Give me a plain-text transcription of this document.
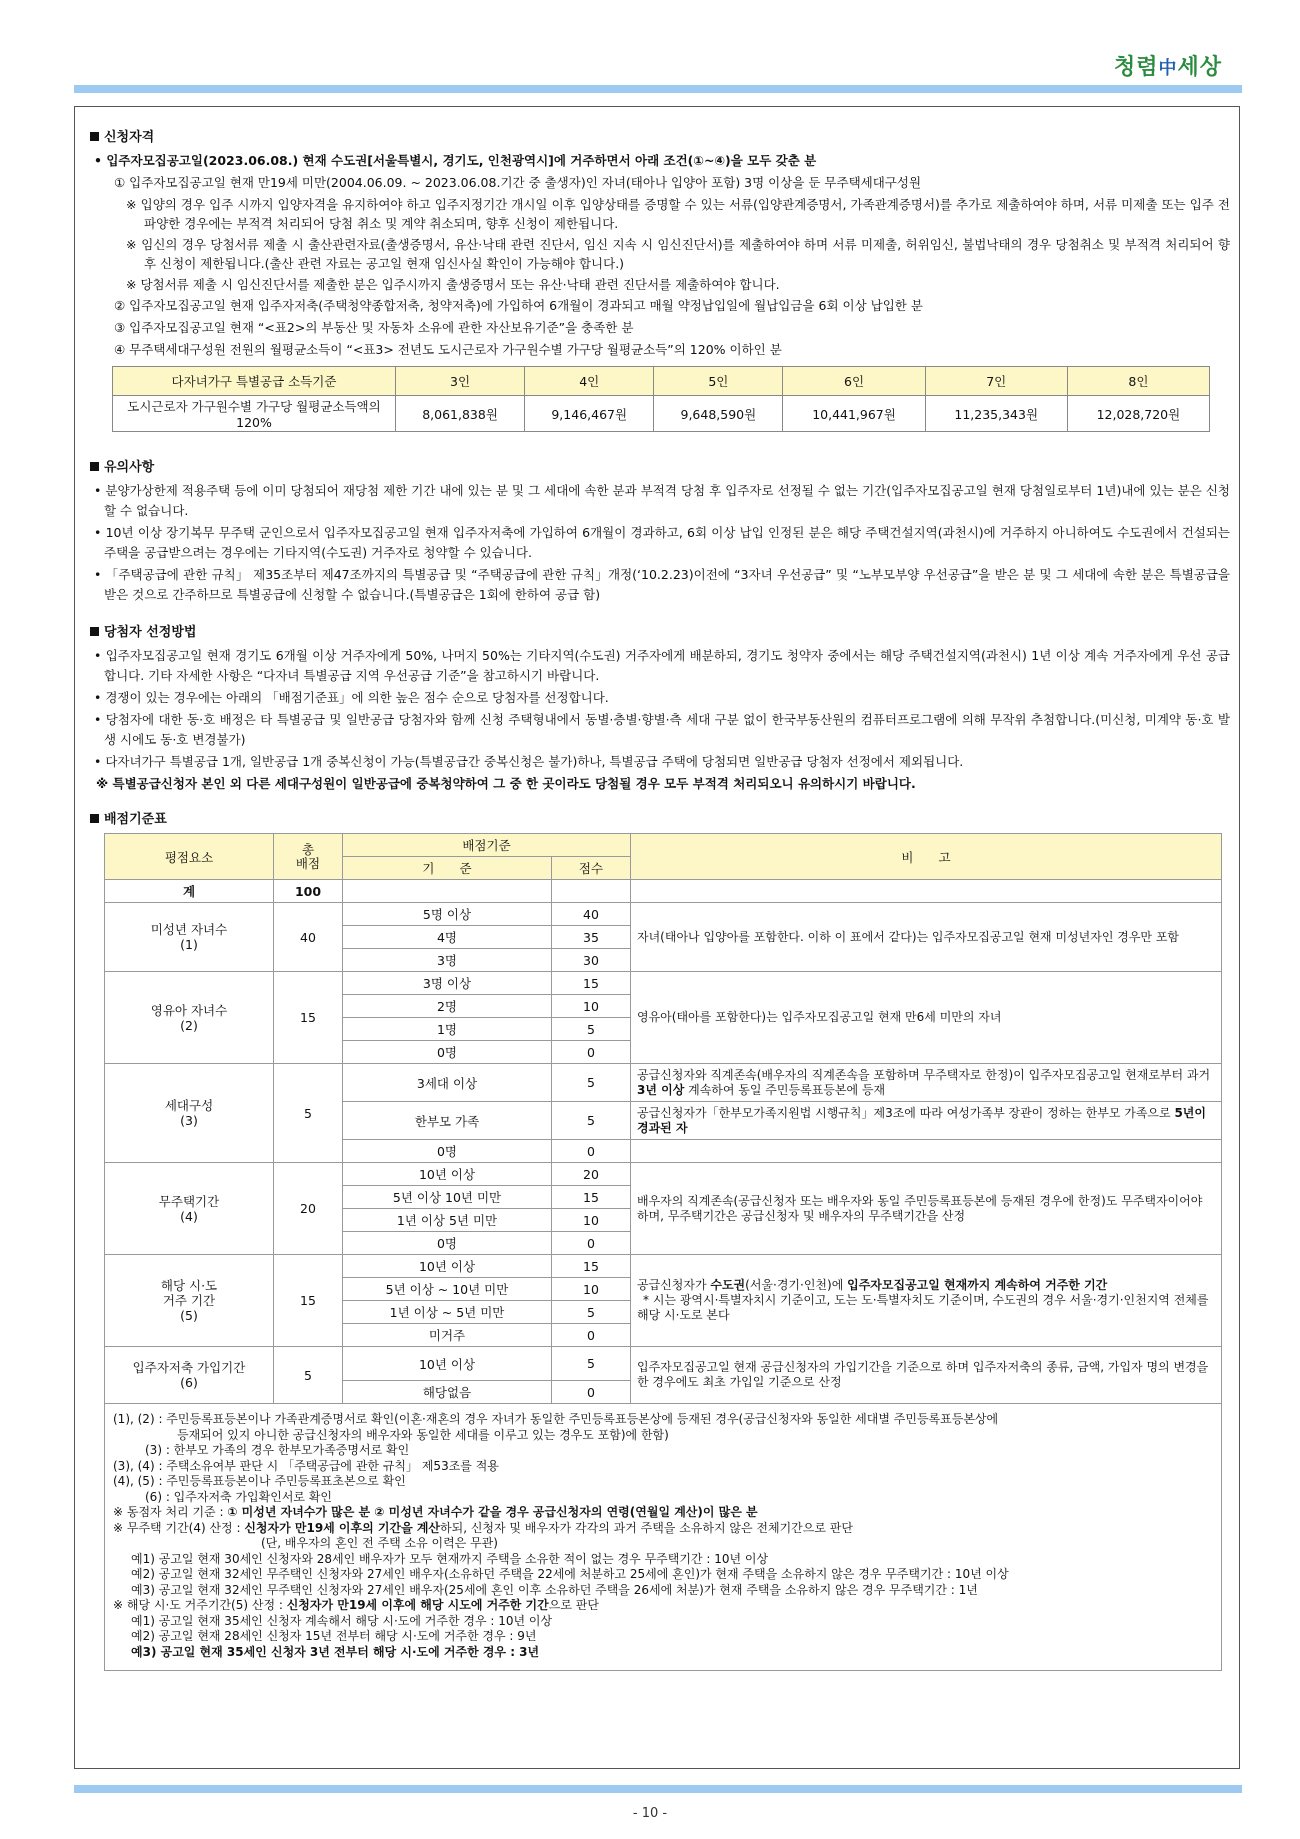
청렴中세상
신청자격
• 입주자모집공고일(2023.06.08.) 현재 수도권[서울특별시, 경기도, 인천광역시]에 거주하면서 아래 조건(①~④)을 모두 갖춘 분
① 입주자모집공고일 현재 만19세 미만(2004.06.09. ~ 2023.06.08.기간 중 출생자)인 자녀(태아나 입양아 포함) 3명 이상을 둔 무주택세대구성원
※ 입양의 경우 입주 시까지 입양자격을 유지하여야 하고 입주지정기간 개시일 이후 입양상태를 증명할 수 있는 서류(입양관계증명서, 가족관계증명서)를 추가로 제출하여야 하며, 서류 미제출 또는 입주 전 파양한 경우에는 부적격 처리되어 당첨 취소 및 계약 취소되며, 향후 신청이 제한됩니다.
※ 임신의 경우 당첨서류 제출 시 출산관련자료(출생증명서, 유산·낙태 관련 진단서, 임신 지속 시 임신진단서)를 제출하여야 하며 서류 미제출, 허위임신, 불법낙태의 경우 당첨취소 및 부적격 처리되어 향후 신청이 제한됩니다.(출산 관련 자료는 공고일 현재 임신사실 확인이 가능해야 합니다.)
※ 당첨서류 제출 시 임신진단서를 제출한 분은 입주시까지 출생증명서 또는 유산·낙태 관련 진단서를 제출하여야 합니다.
② 입주자모집공고일 현재 입주자저축(주택청약종합저축, 청약저축)에 가입하여 6개월이 경과되고 매월 약정납입일에 월납입금을 6회 이상 납입한 분
③ 입주자모집공고일 현재 “<표2>의 부동산 및 자동차 소유에 관한 자산보유기준”을 충족한 분
④ 무주택세대구성원 전원의 월평균소득이 “<표3> 전년도 도시근로자 가구원수별 가구당 월평균소득”의 120% 이하인 분
다자녀가구 특별공급 소득기준	3인	4인	5인	6인	7인	8인
도시근로자 가구원수별 가구당 월평균소득액의 120%	8,061,838원	9,146,467원	9,648,590원	10,441,967원	11,235,343원	12,028,720원
유의사항
• 분양가상한제 적용주택 등에 이미 당첨되어 재당첨 제한 기간 내에 있는 분 및 그 세대에 속한 분과 부적격 당첨 후 입주자로 선정될 수 없는 기간(입주자모집공고일 현재 당첨일로부터 1년)내에 있는 분은 신청할 수 없습니다.
• 10년 이상 장기복무 무주택 군인으로서 입주자모집공고일 현재 입주자저축에 가입하여 6개월이 경과하고, 6회 이상 납입 인정된 분은 해당 주택건설지역(과천시)에 거주하지 아니하여도 수도권에서 건설되는 주택을 공급받으려는 경우에는 기타지역(수도권) 거주자로 청약할 수 있습니다.
• 「주택공급에 관한 규칙」 제35조부터 제47조까지의 특별공급 및 “주택공급에 관한 규칙」개정(‘10.2.23)이전에 “3자녀 우선공급” 및 “노부모부양 우선공급”을 받은 분 및 그 세대에 속한 분은 특별공급을 받은 것으로 간주하므로 특별공급에 신청할 수 없습니다.(특별공급은 1회에 한하여 공급 함)
당첨자 선정방법
• 입주자모집공고일 현재 경기도 6개월 이상 거주자에게 50%, 나머지 50%는 기타지역(수도권) 거주자에게 배분하되, 경기도 청약자 중에서는 해당 주택건설지역(과천시) 1년 이상 계속 거주자에게 우선 공급합니다. 기타 자세한 사항은 “다자녀 특별공급 지역 우선공급 기준”을 참고하시기 바랍니다.
• 경쟁이 있는 경우에는 아래의 「배점기준표」에 의한 높은 점수 순으로 당첨자를 선정합니다.
• 당첨자에 대한 동·호 배정은 타 특별공급 및 일반공급 당첨자와 함께 신청 주택형내에서 동별·층별·향별·측 세대 구분 없이 한국부동산원의 컴퓨터프로그램에 의해 무작위 추첨합니다.(미신청, 미계약 동·호 발생 시에도 동·호 변경불가)
• 다자녀가구 특별공급 1개, 일반공급 1개 중복신청이 가능(특별공급간 중복신청은 불가)하나, 특별공급 주택에 당첨되면 일반공급 당첨자 선정에서 제외됩니다.
※ 특별공급신청자 본인 외 다른 세대구성원이 일반공급에 중복청약하여 그 중 한 곳이라도 당첨될 경우 모두 부적격 처리되오니 유의하시기 바랍니다.
배점기준표
평점요소	총
배점	배점기준		비　　고
		기　　준	점수	
계	100			
미성년 자녀수
(1)	40	5명 이상	40	자녀(태아나 입양아를 포함한다. 이하 이 표에서 같다)는 입주자모집공고일 현재 미성년자인 경우만 포함
		4명	35	
		3명	30	
영유아 자녀수
(2)	15	3명 이상	15	영유아(태아를 포함한다)는 입주자모집공고일 현재 만6세 미만의 자녀
		2명	10	
		1명	5	
		0명	0	
세대구성
(3)	5	3세대 이상	5	공급신청자와 직계존속(배우자의 직계존속을 포함하며 무주택자로 한정)이 입주자모집공고일 현재로부터 과거 3년 이상 계속하여 동일 주민등록표등본에 등재
		한부모 가족	5	공급신청자가「한부모가족지원법 시행규칙」제3조에 따라 여성가족부 장관이 정하는 한부모 가족으로 5년이 경과된 자
		0명	0	
무주택기간
(4)	20	10년 이상	20	배우자의 직계존속(공급신청자 또는 배우자와 동일 주민등록표등본에 등재된 경우에 한정)도 무주택자이어야 하며, 무주택기간은 공급신청자 및 배우자의 무주택기간을 산정
		5년 이상 10년 미만	15	
		1년 이상 5년 미만	10	
		0명	0	
해당 시·도
거주 기간
(5)	15	10년 이상	15	공급신청자가 수도권(서울·경기·인천)에 입주자모집공고일 현재까지 계속하여 거주한 기간
* 시는 광역시·특별자치시 기준이고, 도는 도·특별자치도 기준이며, 수도권의 경우 서울·경기·인천지역 전체를 해당 시·도로 본다
		5년 이상 ~ 10년 미만	10	
		1년 이상 ~ 5년 미만	5	
		미거주	0	
입주자저축 가입기간
(6)	5	10년 이상	5	입주자모집공고일 현재 공급신청자의 가입기간을 기준으로 하며 입주자저축의 종류, 금액, 가입자 명의 변경을 한 경우에도 최초 가입일 기준으로 산정
		해당없음	0	

(1), (2) : 주민등록표등본이나 가족관계증명서로 확인(이혼·재혼의 경우 자녀가 동일한 주민등록표등본상에 등재된 경우(공급신청자와 동일한 세대별 주민등록표등본상에

등재되어 있지 아니한 공급신청자의 배우자와 동일한 세대를 이루고 있는 경우도 포함)에 한함)

(3) : 한부모 가족의 경우 한부모가족증명서로 확인

(3), (4) : 주택소유여부 판단 시 「주택공급에 관한 규칙」 제53조를 적용

(4), (5) : 주민등록표등본이나 주민등록표초본으로 확인

(6) : 입주자저축 가입확인서로 확인

※ 동점자 처리 기준 : ① 미성년 자녀수가 많은 분 ② 미성년 자녀수가 같을 경우 공급신청자의 연령(연월일 계산)이 많은 분

※ 무주택 기간(4) 산정 : 신청자가 만19세 이후의 기간을 계산하되, 신청자 및 배우자가 각각의 과거 주택을 소유하지 않은 전체기간으로 판단

(단, 배우자의 혼인 전 주택 소유 이력은 무관)

예1) 공고일 현재 30세인 신청자와 28세인 배우자가 모두 현재까지 주택을 소유한 적이 없는 경우 무주택기간 : 10년 이상

예2) 공고일 현재 32세인 무주택인 신청자와 27세인 배우자(소유하던 주택을 22세에 처분하고 25세에 혼인)가 현재 주택을 소유하지 않은 경우 무주택기간 : 10년 이상

예3) 공고일 현재 32세인 무주택인 신청자와 27세인 배우자(25세에 혼인 이후 소유하던 주택을 26세에 처분)가 현재 주택을 소유하지 않은 경우 무주택기간 : 1년

※ 해당 시·도 거주기간(5) 산정 : 신청자가 만19세 이후에 해당 시도에 거주한 기간으로 판단

예1) 공고일 현재 35세인 신청자 계속해서 해당 시·도에 거주한 경우 : 10년 이상

예2) 공고일 현재 28세인 신청자 15년 전부터 해당 시·도에 거주한 경우 : 9년

예3) 공고일 현재 35세인 신청자 3년 전부터 해당 시·도에 거주한 경우 : 3년

- 10 -
